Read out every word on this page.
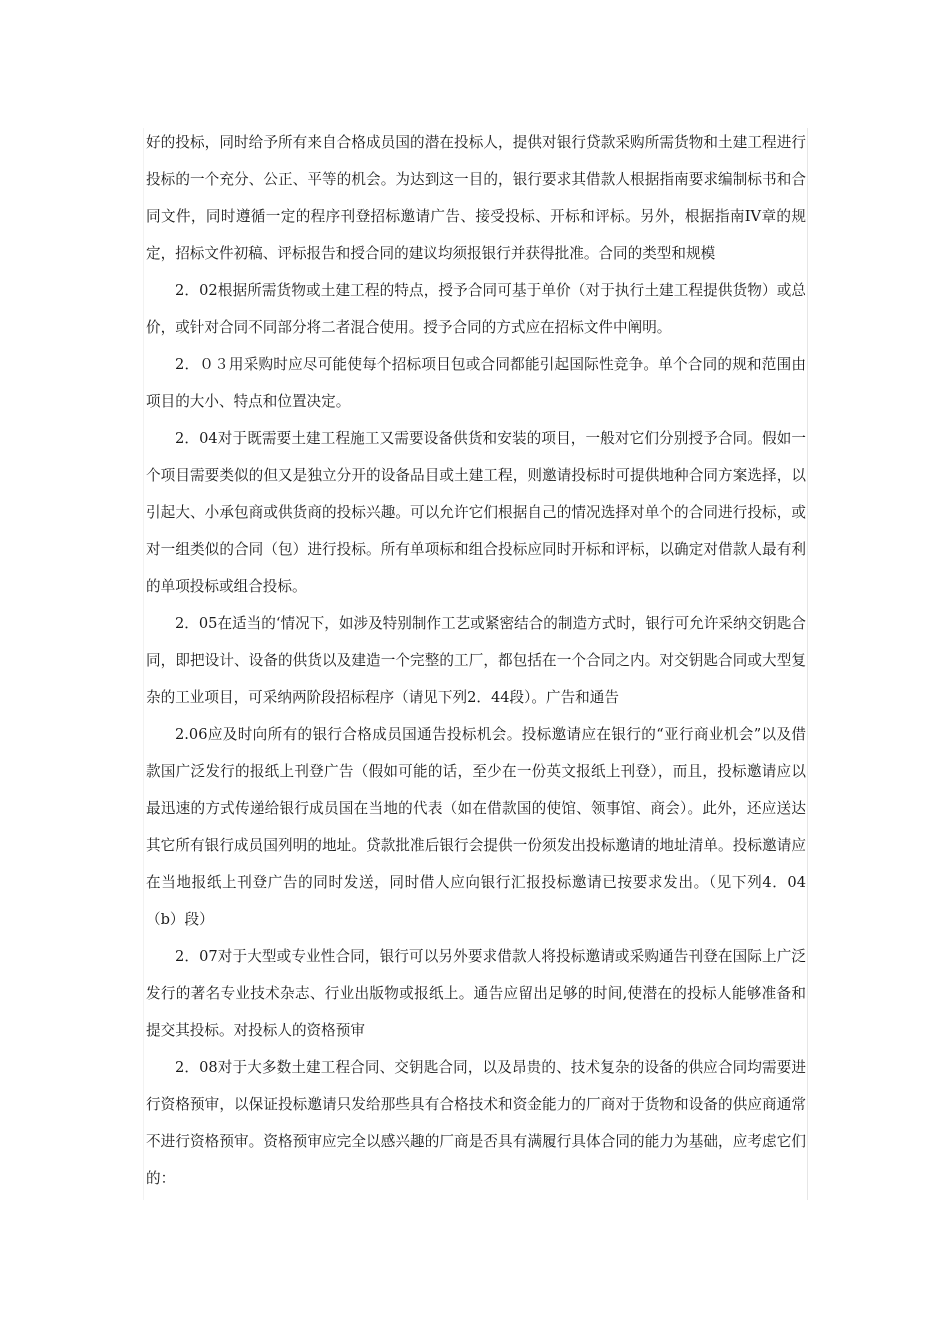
好的投标，同时给予所有来自合格成员国的潜在投标人，提供对银行贷款采购所需货物和土建工程进行投标的一个充分、公正、平等的机会。为达到这一目的，银行要求其借款人根据指南要求编制标书和合同文件，同时遵循一定的程序刊登招标邀请广告、接受投标、开标和评标。另外，根据指南IV章的规定，招标文件初稿、评标报告和授合同的建议均须报银行并获得批准。合同的类型和规模

2．02根据所需货物或土建工程的特点，授予合同可基于单价（对于执行土建工程提供货物）或总价，或针对合同不同部分将二者混合使用。授予合同的方式应在招标文件中阐明。

2．０３用采购时应尽可能使每个招标项目包或合同都能引起国际性竞争。单个合同的规和范围由项目的大小、特点和位置决定。

2．04对于既需要土建工程施工又需要设备供货和安装的项目，一般对它们分别授予合同。假如一个项目需要类似的但又是独立分开的设备品目或土建工程，则邀请投标时可提供地种合同方案选择，以引起大、小承包商或供货商的投标兴趣。可以允许它们根据自己的情况选择对单个的合同进行投标，或对一组类似的合同（包）进行投标。所有单项标和组合投标应同时开标和评标，以确定对借款人最有利的单项投标或组合投标。

2．05在适当的‘情况下，如涉及特别制作工艺或紧密结合的制造方式时，银行可允许采纳交钥匙合同，即把设计、设备的供货以及建造一个完整的工厂，都包括在一个合同之内。对交钥匙合同或大型复杂的工业项目，可采纳两阶段招标程序（请见下列2．44段）。广告和通告

2.06应及时向所有的银行合格成员国通告投标机会。投标邀请应在银行的“亚行商业机会”以及借款国广泛发行的报纸上刊登广告（假如可能的话，至少在一份英文报纸上刊登），而且，投标邀请应以最迅速的方式传递给银行成员国在当地的代表（如在借款国的使馆、领事馆、商会）。此外，还应送达其它所有银行成员国列明的地址。贷款批准后银行会提供一份须发出投标邀请的地址清单。投标邀请应在当地报纸上刊登广告的同时发送，同时借人应向银行汇报投标邀请已按要求发出。（见下列4．04（b）段）

2．07对于大型或专业性合同，银行可以另外要求借款人将投标邀请或采购通告刊登在国际上广泛发行的著名专业技术杂志、行业出版物或报纸上。通告应留出足够的时间,使潜在的投标人能够准备和提交其投标。对投标人的资格预审

2．08对于大多数土建工程合同、交钥匙合同，以及昂贵的、技术复杂的设备的供应合同均需要进行资格预审，以保证投标邀请只发给那些具有合格技术和资金能力的厂商对于货物和设备的供应商通常不进行资格预审。资格预审应完全以感兴趣的厂商是否具有满履行具体合同的能力为基础，应考虑它们的：
